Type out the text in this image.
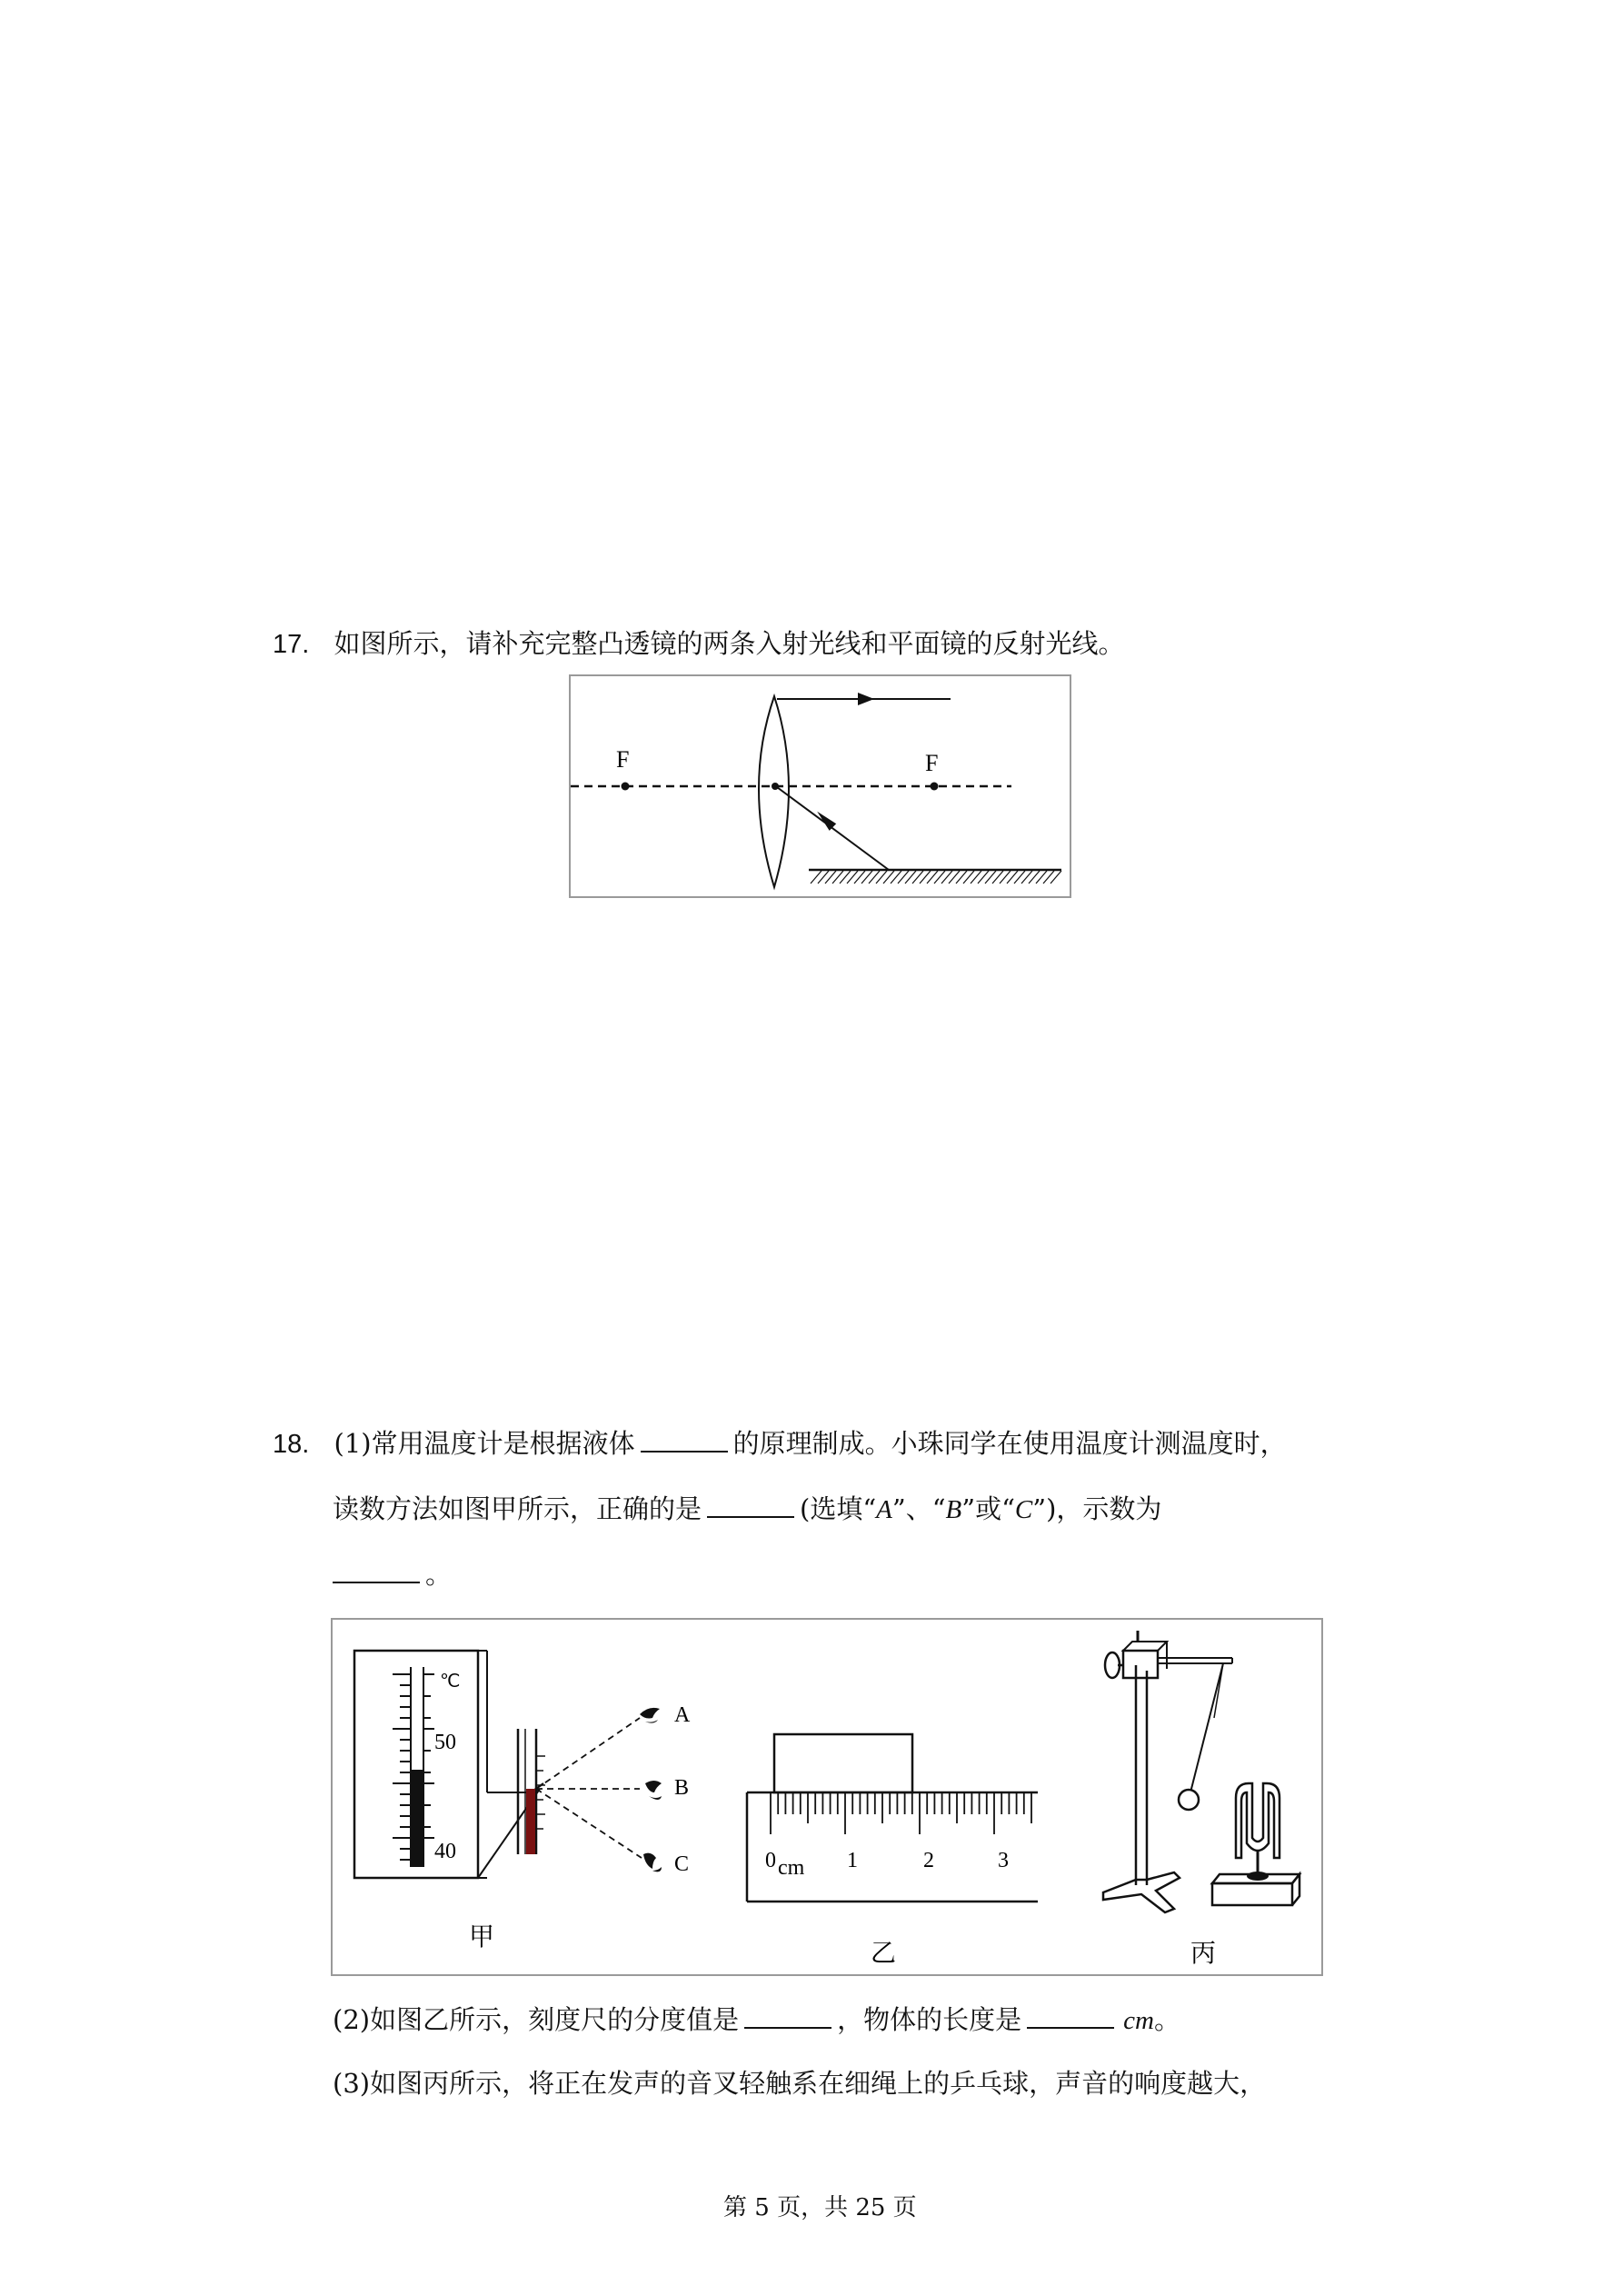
17. 如图所示，请补充完整凸透镜的两条入射光线和平面镜的反射光线。
F	F
18. (1)常用温度计是根据液体	的原理制成。小珠同学在使用温度计测温度时，
读数方法如图甲所示，正确的是	(选填“A”、“B”或“C”)，示数为
。
℃
50
40
A
B
C
甲
0 cm 1	2	3
乙	丙
(2)如图乙所示，刻度尺的分度值是	，物体的长度是	cm。
(3)如图丙所示，将正在发声的音叉轻触系在细绳上的乒乓球，声音的响度越大，
第 5 页，共 25 页
